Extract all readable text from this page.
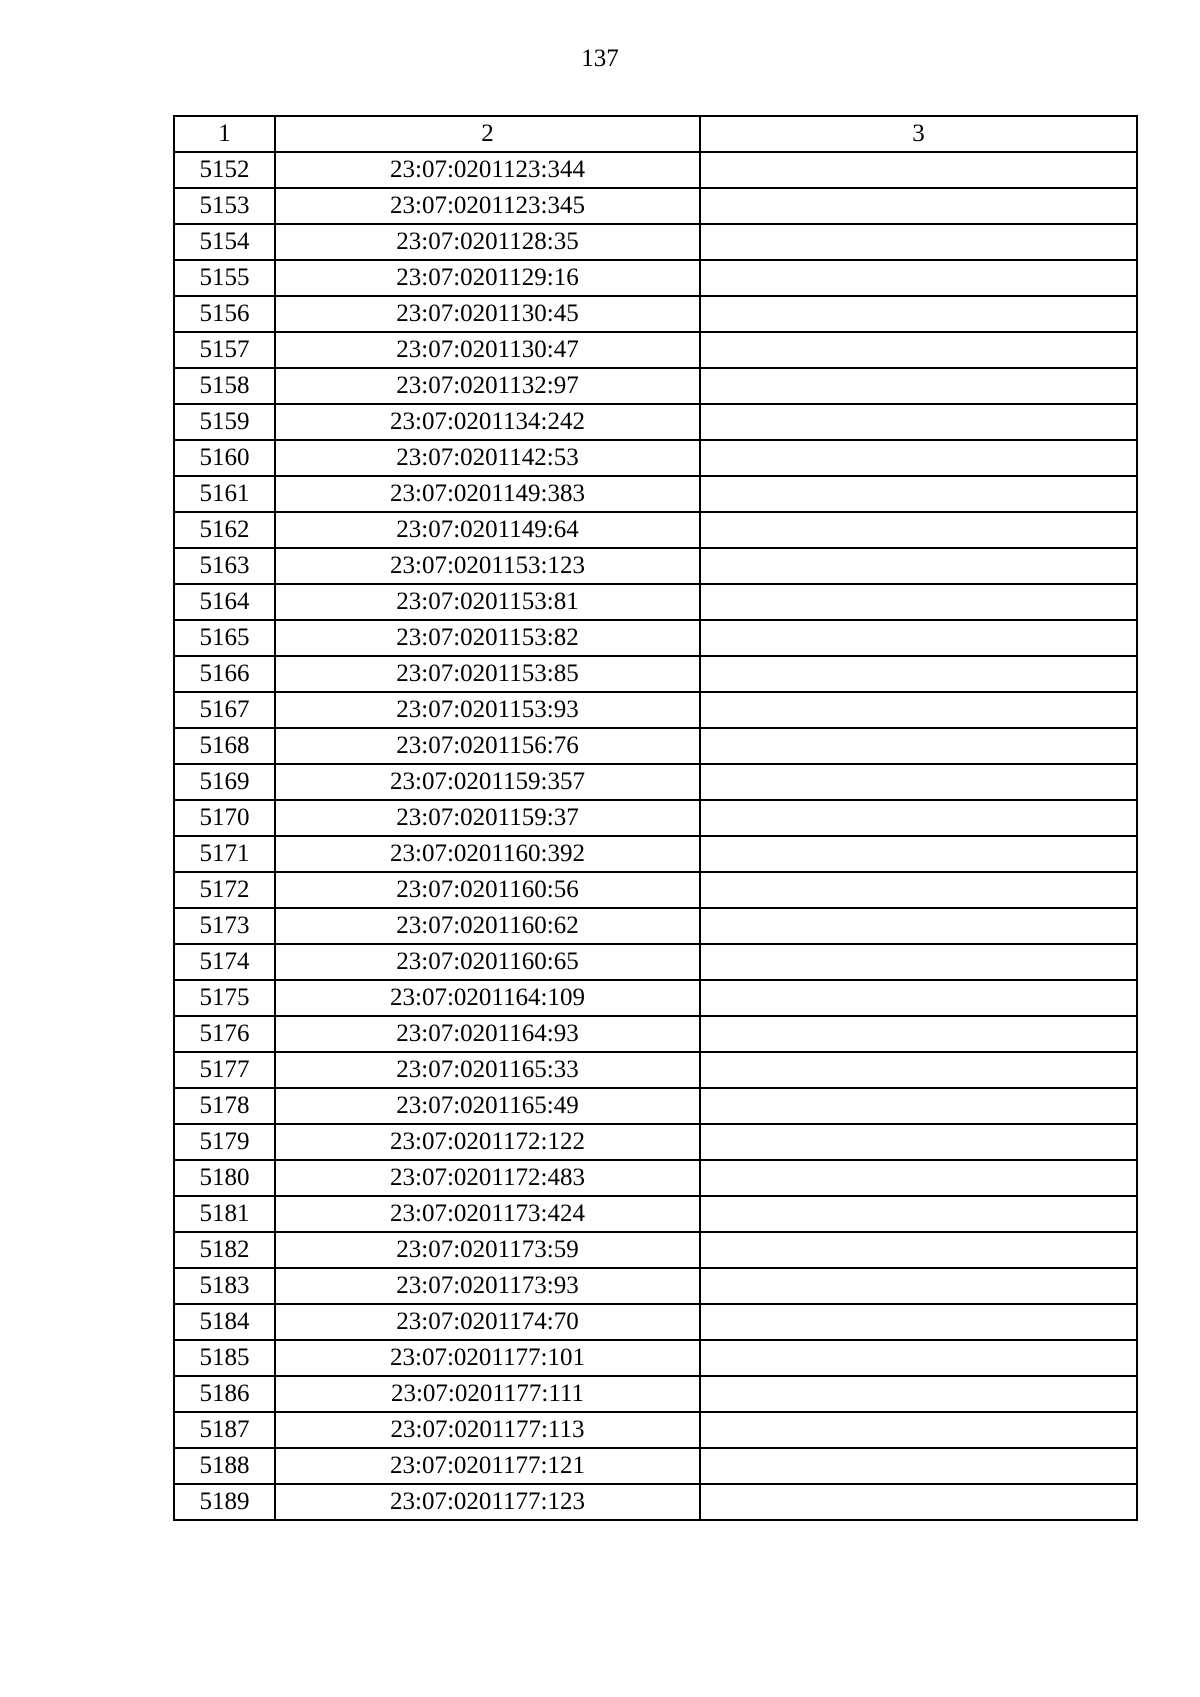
137
1	2	3
5152	23:07:0201123:344	
5153	23:07:0201123:345	
5154	23:07:0201128:35	
5155	23:07:0201129:16	
5156	23:07:0201130:45	
5157	23:07:0201130:47	
5158	23:07:0201132:97	
5159	23:07:0201134:242	
5160	23:07:0201142:53	
5161	23:07:0201149:383	
5162	23:07:0201149:64	
5163	23:07:0201153:123	
5164	23:07:0201153:81	
5165	23:07:0201153:82	
5166	23:07:0201153:85	
5167	23:07:0201153:93	
5168	23:07:0201156:76	
5169	23:07:0201159:357	
5170	23:07:0201159:37	
5171	23:07:0201160:392	
5172	23:07:0201160:56	
5173	23:07:0201160:62	
5174	23:07:0201160:65	
5175	23:07:0201164:109	
5176	23:07:0201164:93	
5177	23:07:0201165:33	
5178	23:07:0201165:49	
5179	23:07:0201172:122	
5180	23:07:0201172:483	
5181	23:07:0201173:424	
5182	23:07:0201173:59	
5183	23:07:0201173:93	
5184	23:07:0201174:70	
5185	23:07:0201177:101	
5186	23:07:0201177:111	
5187	23:07:0201177:113	
5188	23:07:0201177:121	
5189	23:07:0201177:123	
